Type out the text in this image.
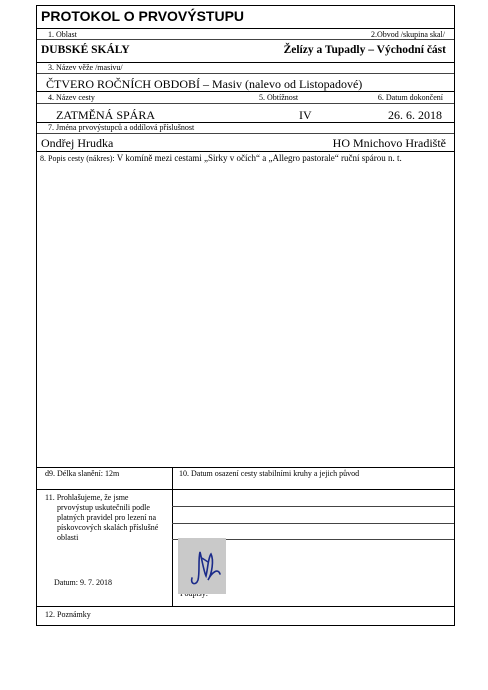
PROTOKOL O PRVOVÝSTUPU
1. Oblast	2.Obvod /skupina skal/
DUBSKÉ SKÁLY	Želízy a Tupadly – Východní část
3. Název věže /masivu/
ČTVERO ROČNÍCH OBDOBÍ – Masiv (nalevo od Listopadové)
4. Název cesty	5. Obtížnost	6. Datum dokončení
ZATMĚNÁ SPÁRA	IV	26. 6. 2018
7. Jména prvovýstupců a oddílová příslušnost
Ondřej Hrudka	HO Mnichovo Hradiště
8. Popis cesty (nákres): V komíně mezi cestami „Sirky v očích“ a „Allegro pastorale“ ruční spárou n. t.
d9. Délka slanění: 12m	10. Datum osazení cesty stabilními kruhy a jejich původ
11. Prohlašujeme, že jsme
prvovýstup uskutečnili podle
platných pravidel pro lezení na
pískovcových skalách příslušné
oblasti
Datum: 9. 7. 2018
12. Poznámky
